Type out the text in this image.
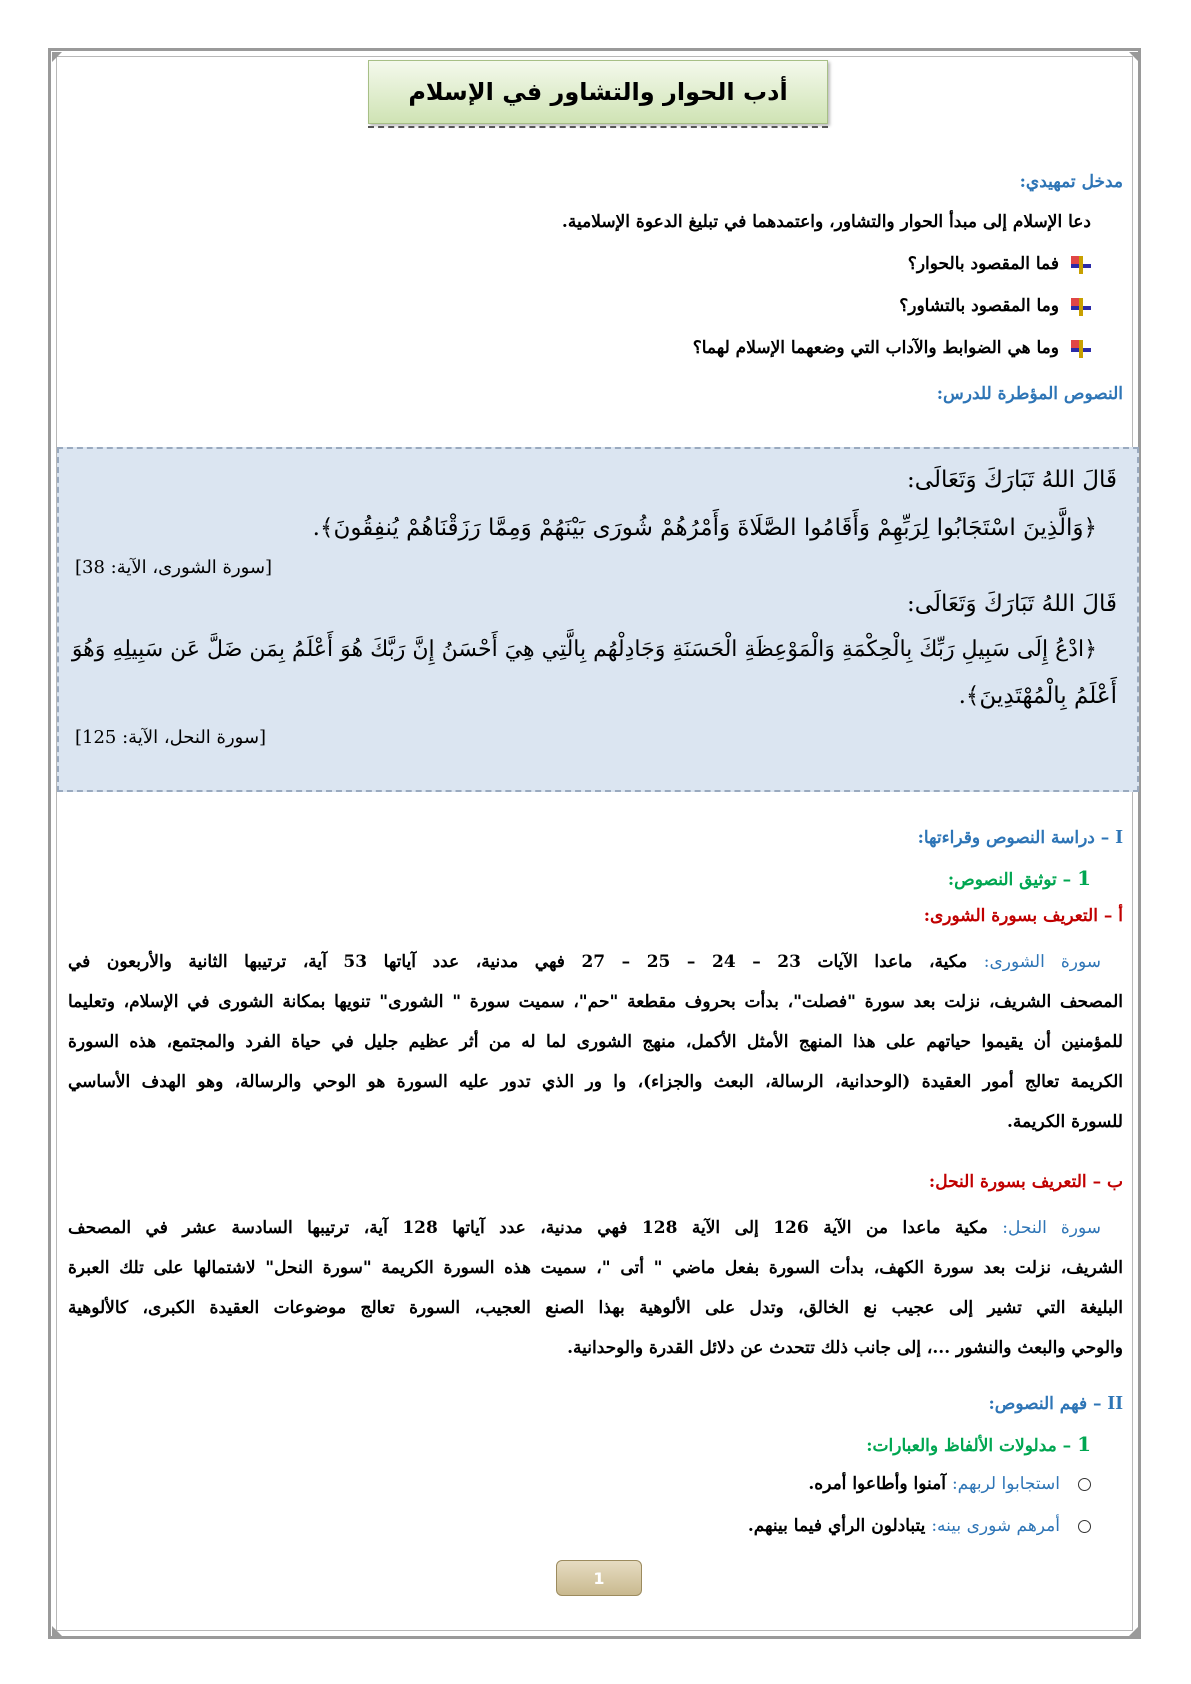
أدب الحوار والتشاور في الإسلام
مدخل تمهيدي:
دعا الإسلام إلى مبدأ الحوار والتشاور، واعتمدهما في تبليغ الدعوة الإسلامية.
فما المقصود بالحوار؟
وما المقصود بالتشاور؟
وما هي الضوابط والآداب التي وضعهما الإسلام لهما؟
النصوص المؤطرة للدرس:
قَالَ اللهُ تَبَارَكَ وَتَعَالَى:
﴿وَالَّذِينَ اسْتَجَابُوا لِرَبِّهِمْ وَأَقَامُوا الصَّلَاةَ وَأَمْرُهُمْ شُورَى بَيْنَهُمْ وَمِمَّا رَزَقْنَاهُمْ يُنفِقُونَ﴾.
[سورة الشورى، الآية: 38]
قَالَ اللهُ تَبَارَكَ وَتَعَالَى:
﴿ادْعُ إِلَى سَبِيلِ رَبِّكَ بِالْحِكْمَةِ وَالْمَوْعِظَةِ الْحَسَنَةِ وَجَادِلْهُم بِالَّتِي هِيَ أَحْسَنُ إِنَّ رَبَّكَ هُوَ أَعْلَمُ بِمَن ضَلَّ عَن سَبِيلِهِ وَهُوَ
أَعْلَمُ بِالْمُهْتَدِينَ﴾.
[سورة النحل، الآية: 125]
I – دراسة النصوص وقراءتها:
1 – توثيق النصوص:
أ – التعريف بسورة الشورى:
سورة الشورى: مكية، ماعدا الآيات 23 – 24 – 25 – 27 فهي مدنية، عدد آياتها 53 آية، ترتيبها الثانية والأربعون في
المصحف الشريف، نزلت بعد سورة "فصلت"، بدأت بحروف مقطعة "حم"، سميت سورة " الشورى" تنويها بمكانة الشورى في الإسلام، وتعليما
للمؤمنين أن يقيموا حياتهم على هذا المنهج الأمثل الأكمل، منهج الشورى لما له من أثر عظيم جليل في حياة الفرد والمجتمع، هذه السورة
الكريمة تعالج أمور العقيدة (الوحدانية، الرسالة، البعث والجزاء)، وا ور الذي تدور عليه السورة هو الوحي والرسالة، وهو الهدف الأساسي
للسورة الكريمة.
ب – التعريف بسورة النحل:
سورة النحل: مكية ماعدا من الآية 126 إلى الآية 128 فهي مدنية، عدد آياتها 128 آية، ترتيبها السادسة عشر في المصحف
الشريف، نزلت بعد سورة الكهف، بدأت السورة بفعل ماضي " أتى "، سميت هذه السورة الكريمة "سورة النحل" لاشتمالها على تلك العبرة
البليغة التي تشير إلى عجيب نع الخالق، وتدل على الألوهية بهذا الصنع العجيب، السورة تعالج موضوعات العقيدة الكبرى، كالألوهية
والوحي والبعث والنشور ...، إلى جانب ذلك تتحدث عن دلائل القدرة والوحدانية.
II – فهم النصوص:
1 – مدلولات الألفاظ والعبارات:
استجابوا لربهم: آمنوا وأطاعوا أمره.
أمرهم شورى بينه: يتبادلون الرأي فيما بينهم.
1
